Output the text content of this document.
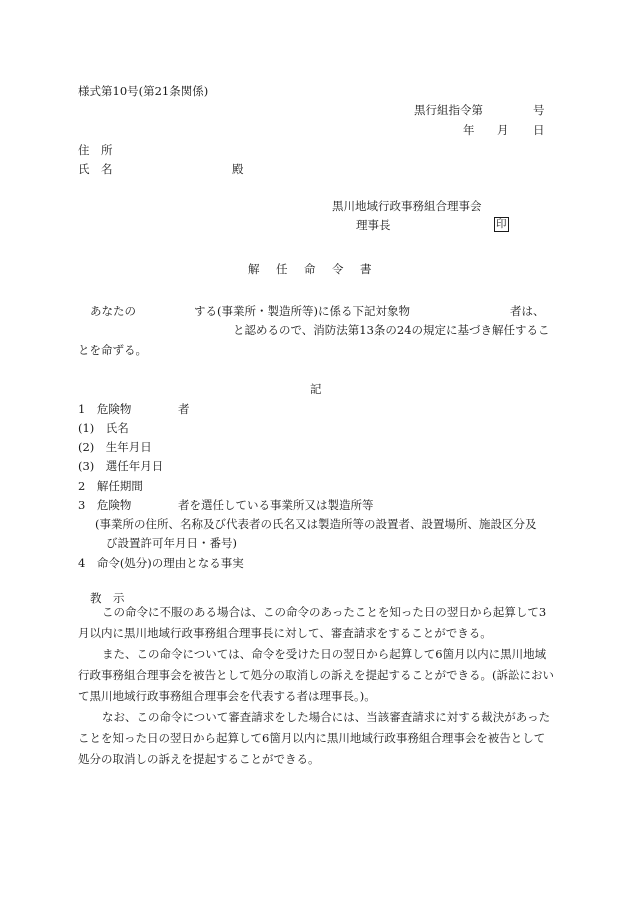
様式第10号(第21条関係)
黒行組指令第	号
年 月 日
住　所
氏　名	殿
黒川地域行政事務組合理事会
理事長	印
解 任 命 令 書
あなたの	する(事業所・製造所等)に係る下記対象物	者は、
と認めるので、消防法第13条の24の規定に基づき解任するこ
とを命ずる。
記
1　危険物	者
(1)　氏名
(2)　生年月日
(3)　選任年月日
2　解任期間
3　危険物	者を選任している事業所又は製造所等
(事業所の住所、名称及び代表者の氏名又は製造所等の設置者、設置場所、施設区分及
び設置許可年月日・番号)
4　命令(処分)の理由となる事実
教　示
この命令に不服のある場合は、この命令のあったことを知った日の翌日から起算して3月以内に黒川地域行政事務組合理事長に対して、審査請求をすることができる。
また、この命令については、命令を受けた日の翌日から起算して6箇月以内に黒川地域行政事務組合理事会を被告として処分の取消しの訴えを提起することができる。(訴訟において黒川地域行政事務組合理事会を代表する者は理事長。)。
なお、この命令について審査請求をした場合には、当該審査請求に対する裁決があったことを知った日の翌日から起算して6箇月以内に黒川地域行政事務組合理事会を被告として処分の取消しの訴えを提起することができる。
